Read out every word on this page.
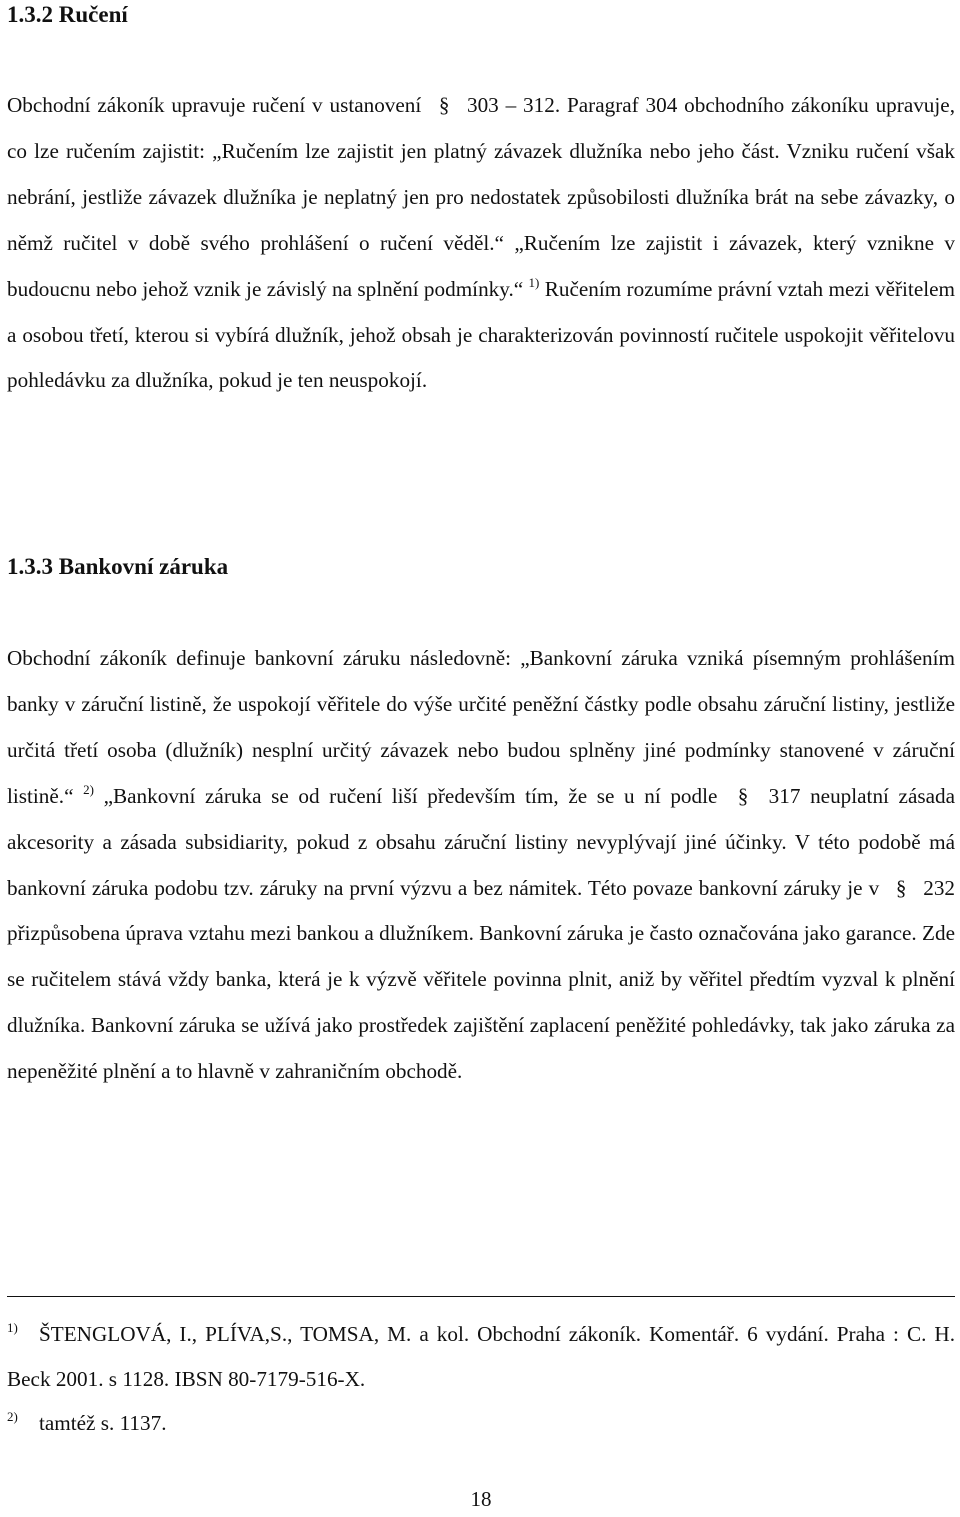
1.3.2 Ručení

Obchodní zákoník upravuje ručení v ustanovení § 303 – 312. Paragraf 304 obchodního zákoníku upravuje, co lze ručením zajistit: „Ručením lze zajistit jen platný závazek dlužníka nebo jeho část. Vzniku ručení však nebrání, jestliže závazek dlužníka je neplatný jen pro nedostatek způsobilosti dlužníka brát na sebe závazky, o němž ručitel v době svého prohlášení o ručení věděl.“ „Ručením lze zajistit i závazek, který vznikne v budoucnu nebo jehož vznik je závislý na splnění podmínky.“ $^{1)}$ Ručením rozumíme právní vztah mezi věřitelem a osobou třetí, kterou si vybírá dlužník, jehož obsah je charakterizován povinností ručitele uspokojit věřitelovu pohledávku za dlužníka, pokud je ten neuspokojí.

1.3.3 Bankovní záruka

Obchodní zákoník definuje bankovní záruku následovně: „Bankovní záruka vzniká písemným prohlášením banky v záruční listině, že uspokojí věřitele do výše určité peněžní částky podle obsahu záruční listiny, jestliže určitá třetí osoba (dlužník) nesplní určitý závazek nebo budou splněny jiné podmínky stanovené v záruční listině.“ $^{2)}$ „Bankovní záruka se od ručení liší především tím, že se u ní podle § 317 neuplatní zásada akcesority a zásada subsidiarity, pokud z obsahu záruční listiny nevyplývají jiné účinky. V této podobě má bankovní záruka podobu tzv. záruky na první výzvu a bez námitek. Této povaze bankovní záruky je v § 232 přizpůsobena úprava vztahu mezi bankou a dlužníkem. Bankovní záruka je často označována jako garance. Zde se ručitelem stává vždy banka, která je k výzvě věřitele povinna plnit, aniž by věřitel předtím vyzval k plnění dlužníka. Bankovní záruka se užívá jako prostředek zajištění zaplacení peněžité pohledávky, tak jako záruka za nepeněžité plnění a to hlavně v zahraničním obchodě.

1) ŠTENGLOVÁ, I., PLÍVA,S., TOMSA, M. a kol. Obchodní zákoník. Komentář. 6 vydání. Praha : C. H. Beck 2001. s 1128. IBSN 80-7179-516-X.

2) tamtéž s. 1137.

18
